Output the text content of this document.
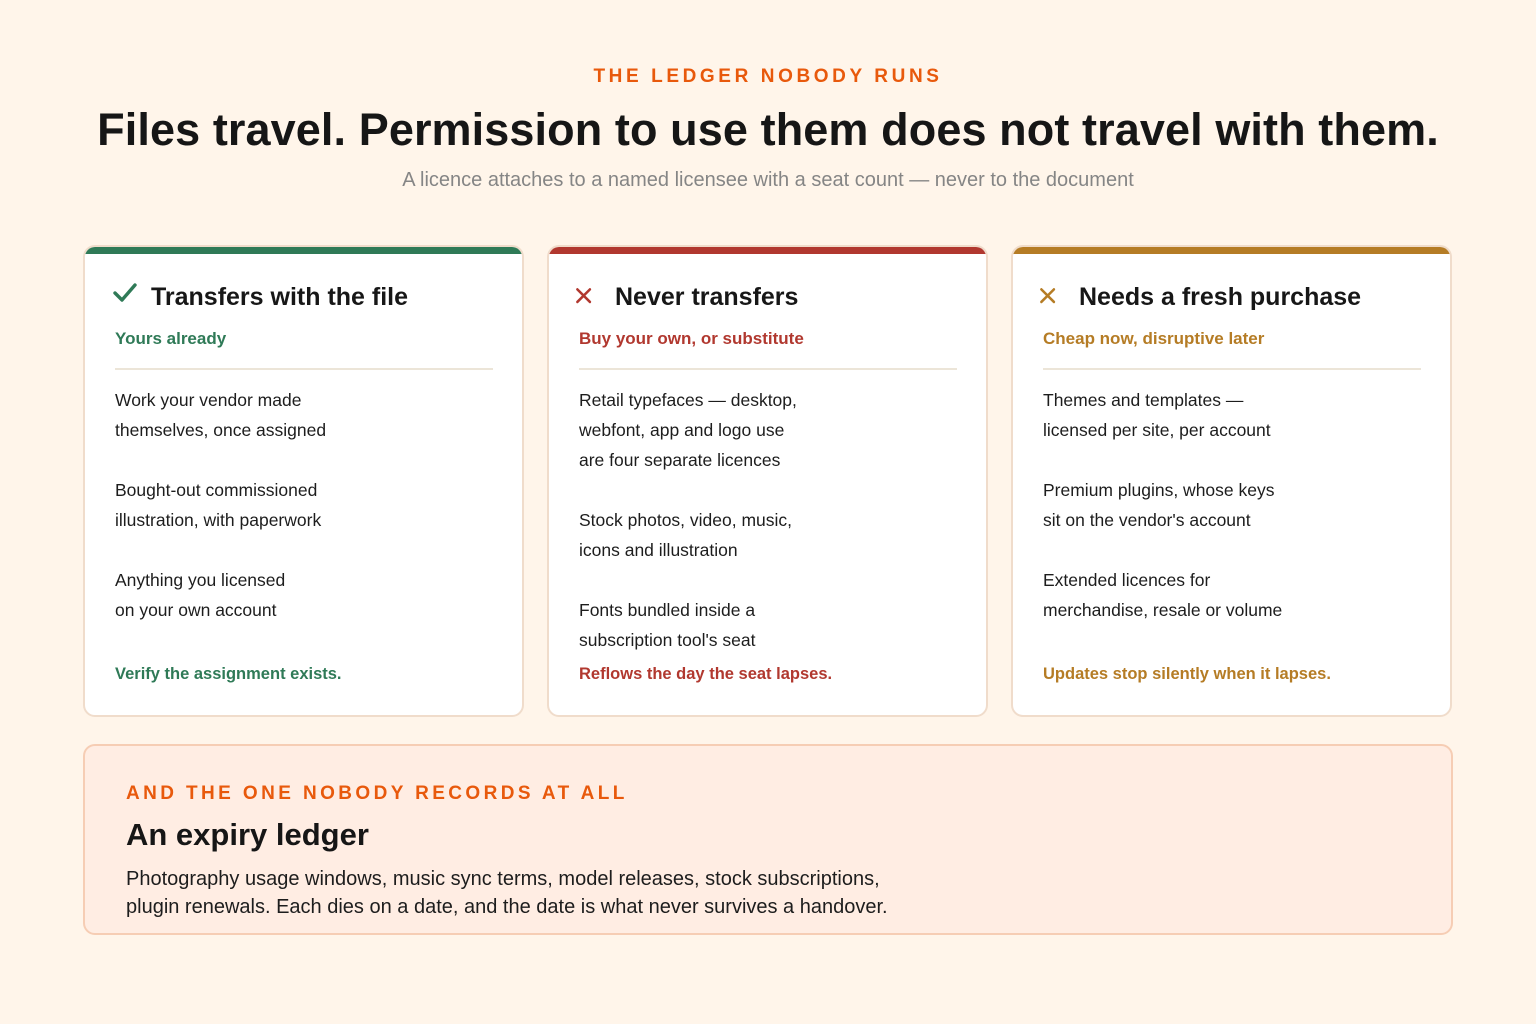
THE LEDGER NOBODY RUNS
Files travel. Permission to use them does not travel with them.
A licence attaches to a named licensee with a seat count — never to the document
Transfers with the file
Yours already
Work your vendor made
themselves, once assigned
Bought-out commissioned
illustration, with paperwork
Anything you licensed
on your own account
Verify the assignment exists.
Never transfers
Buy your own, or substitute
Retail typefaces — desktop,
webfont, app and logo use
are four separate licences
Stock photos, video, music,
icons and illustration
Fonts bundled inside a
subscription tool's seat
Reflows the day the seat lapses.
Needs a fresh purchase
Cheap now, disruptive later
Themes and templates —
licensed per site, per account
Premium plugins, whose keys
sit on the vendor's account
Extended licences for
merchandise, resale or volume
Updates stop silently when it lapses.
AND THE ONE NOBODY RECORDS AT ALL
An expiry ledger
Photography usage windows, music sync terms, model releases, stock subscriptions,
plugin renewals. Each dies on a date, and the date is what never survives a handover.
